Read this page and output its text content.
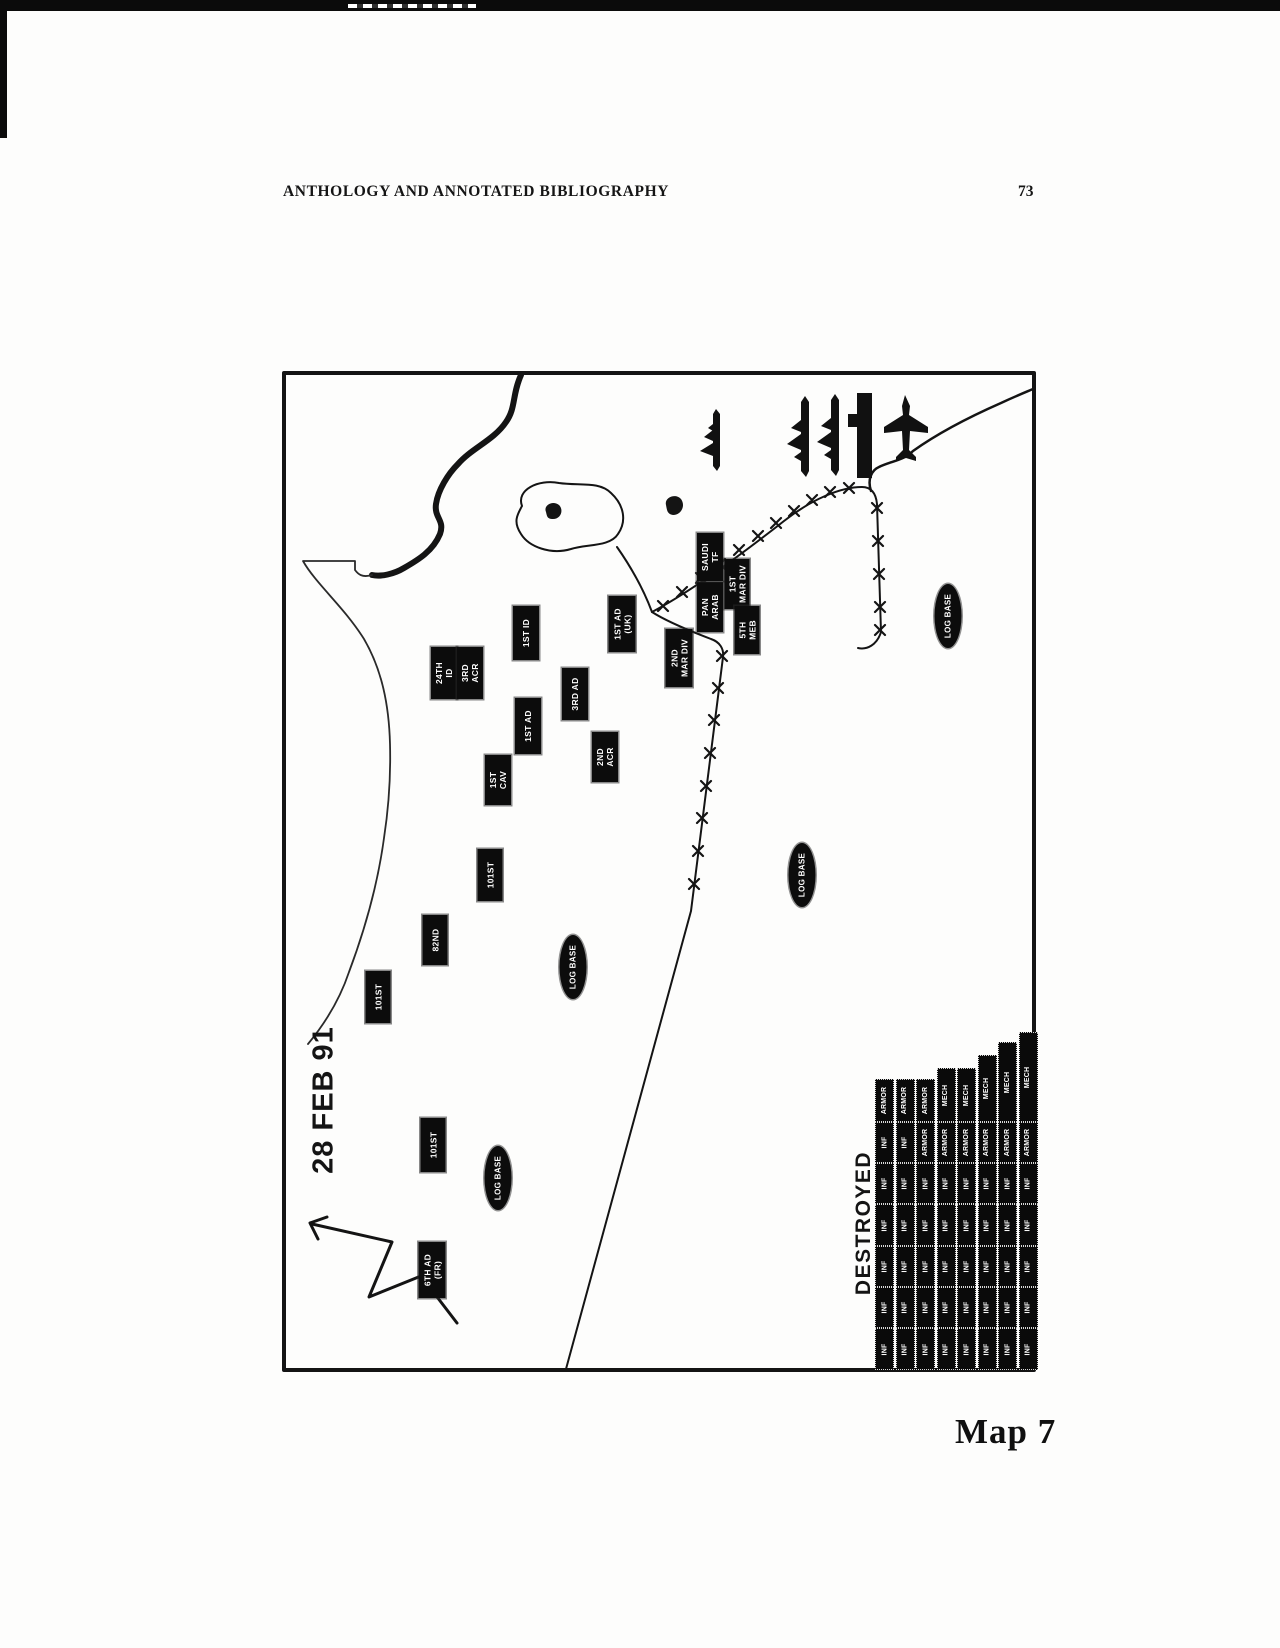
ANTHOLOGY AND ANNOTATED BIBLIOGRAPHY	73
Map 7
28 FEB 91
DESTROYED
24TH ID 3RD ACR
1ST ID
1ST AD
3RD AD
2ND ACR
1ST CAV
1ST AD (UK)
2ND MAR DIV
PAN ARAB
SAUDI TF
1ST MAR DIV
5TH MEB
101ST
82ND
101ST
101ST
6TH AD (FR)
LOG BASE
LOG BASE
LOG BASE
LOG BASE
ARMOR
INF
INF
INF
INF
INF
INF
ARMOR
INF
INF
INF
INF
INF
INF
ARMOR
ARMOR
INF
INF
INF
INF
INF
MECH
ARMOR
INF
INF
INF
INF
INF
MECH
ARMOR
INF
INF
INF
INF
INF
MECH
ARMOR
INF
INF
INF
INF
INF
MECH
ARMOR
INF
INF
INF
INF
INF
MECH
ARMOR
INF
INF
INF
INF
INF
